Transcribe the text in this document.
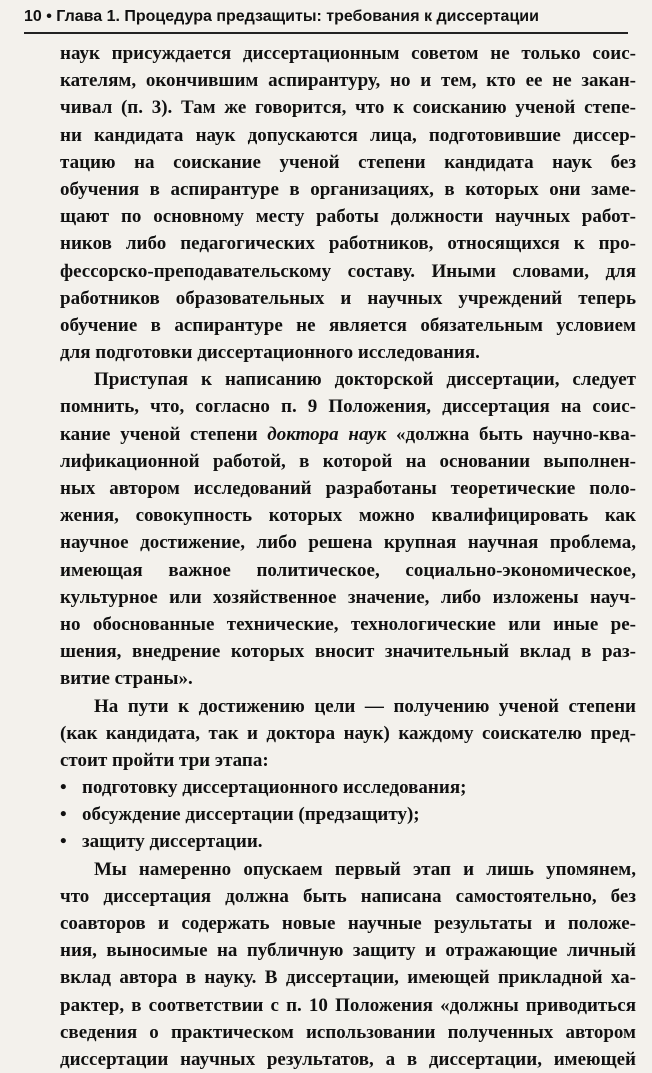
10 • Глава 1. Процедура предзащиты: требования к диссертации
наук присуждается диссертационным советом не только соис-
кателям, окончившим аспирантуру, но и тем, кто ее не закан-
чивал (п. 3). Там же говорится, что к соисканию ученой степе-
ни кандидата наук допускаются лица, подготовившие диссер-
тацию на соискание ученой степени кандидата наук без
обучения в аспирантуре в организациях, в которых они заме-
щают по основному месту работы должности научных работ-
ников либо педагогических работников, относящихся к про-
фессорско-преподавательскому составу. Иными словами, для
работников образовательных и научных учреждений теперь
обучение в аспирантуре не является обязательным условием
для подготовки диссертационного исследования.
Приступая к написанию докторской диссертации, следует
помнить, что, согласно п. 9 Положения, диссертация на соис-
кание ученой степени доктора наук «должна быть научно-ква-
лификационной работой, в которой на основании выполнен-
ных автором исследований разработаны теоретические поло-
жения, совокупность которых можно квалифицировать как
научное достижение, либо решена крупная научная проблема,
имеющая важное политическое, социально-экономическое,
культурное или хозяйственное значение, либо изложены науч-
но обоснованные технические, технологические или иные ре-
шения, внедрение которых вносит значительный вклад в раз-
витие страны».
На пути к достижению цели — получению ученой степени
(как кандидата, так и доктора наук) каждому соискателю пред-
стоит пройти три этапа:
• подготовку диссертационного исследования;
• обсуждение диссертации (предзащиту);
• защиту диссертации.
Мы намеренно опускаем первый этап и лишь упомянем,
что диссертация должна быть написана самостоятельно, без
соавторов и содержать новые научные результаты и положе-
ния, выносимые на публичную защиту и отражающие личный
вклад автора в науку. В диссертации, имеющей прикладной ха-
рактер, в соответствии с п. 10 Положения «должны приводиться
сведения о практическом использовании полученных автором
диссертации научных результатов, а в диссертации, имеющей
